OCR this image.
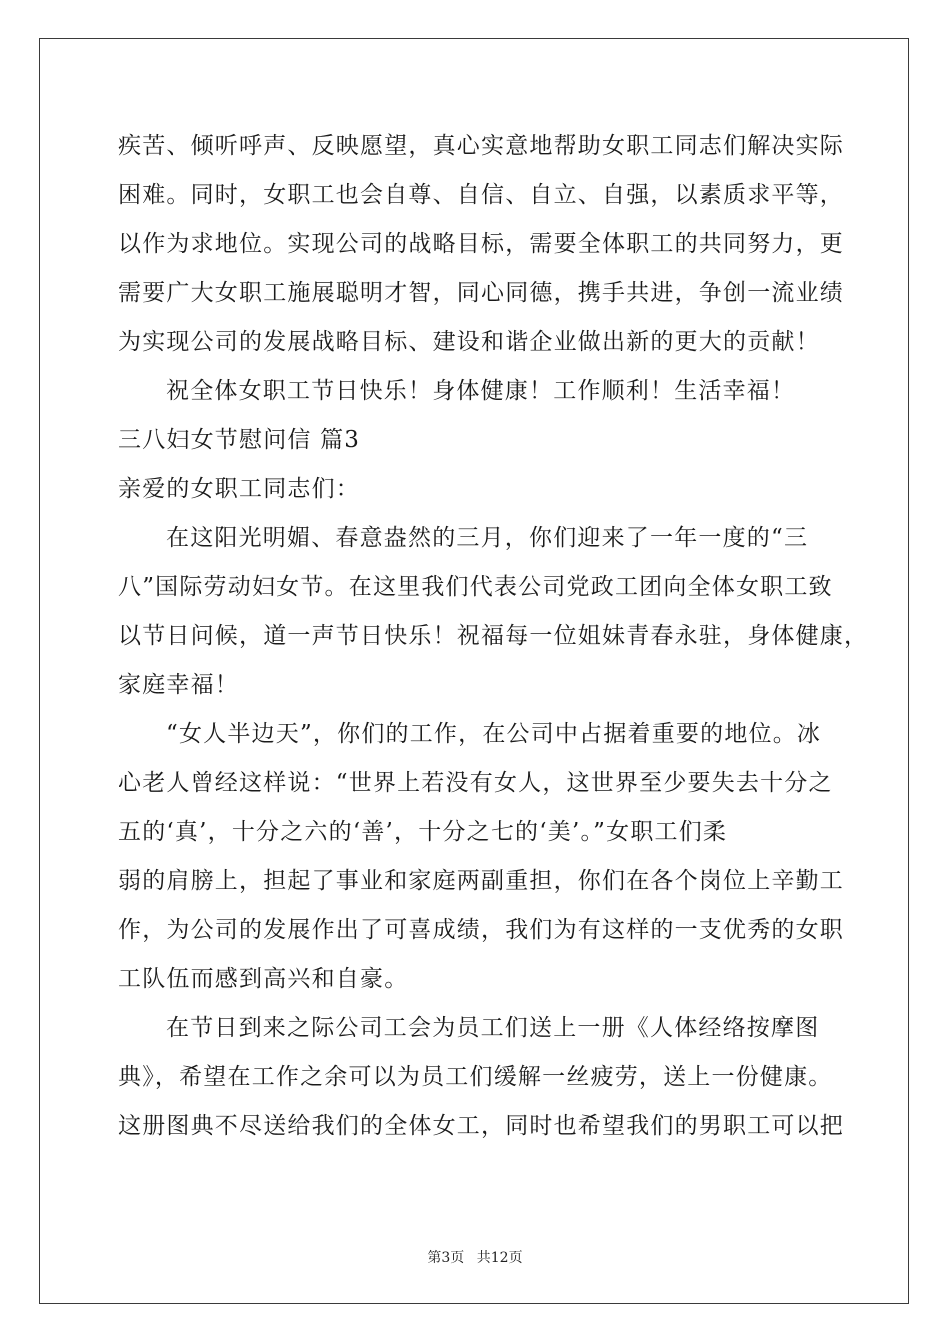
疾苦、倾听呼声、反映愿望，真心实意地帮助女职工同志们解决实际
困难。同时，女职工也会自尊、自信、自立、自强，以素质求平等，
以作为求地位。实现公司的战略目标，需要全体职工的共同努力，更
需要广大女职工施展聪明才智，同心同德，携手共进，争创一流业绩
为实现公司的发展战略目标、建设和谐企业做出新的更大的贡献！
祝全体女职工节日快乐！身体健康！工作顺利！生活幸福！
三八妇女节慰问信 篇3
亲爱的女职工同志们：
在这阳光明媚、春意盎然的三月，你们迎来了一年一度的“三
八”国际劳动妇女节。在这里我们代表公司党政工团向全体女职工致
以节日问候，道一声节日快乐！祝福每一位姐妹青春永驻，身体健康，
家庭幸福！
“女人半边天”，你们的工作，在公司中占据着重要的地位。冰
心老人曾经这样说：“世界上若没有女人，这世界至少要失去十分之
五的‘真’，十分之六的‘善’，十分之七的‘美’。”女职工们柔
弱的肩膀上，担起了事业和家庭两副重担，你们在各个岗位上辛勤工
作，为公司的发展作出了可喜成绩，我们为有这样的一支优秀的女职
工队伍而感到高兴和自豪。
在节日到来之际公司工会为员工们送上一册《人体经络按摩图
典》，希望在工作之余可以为员工们缓解一丝疲劳，送上一份健康。
这册图典不尽送给我们的全体女工，同时也希望我们的男职工可以把
第3页 共12页
